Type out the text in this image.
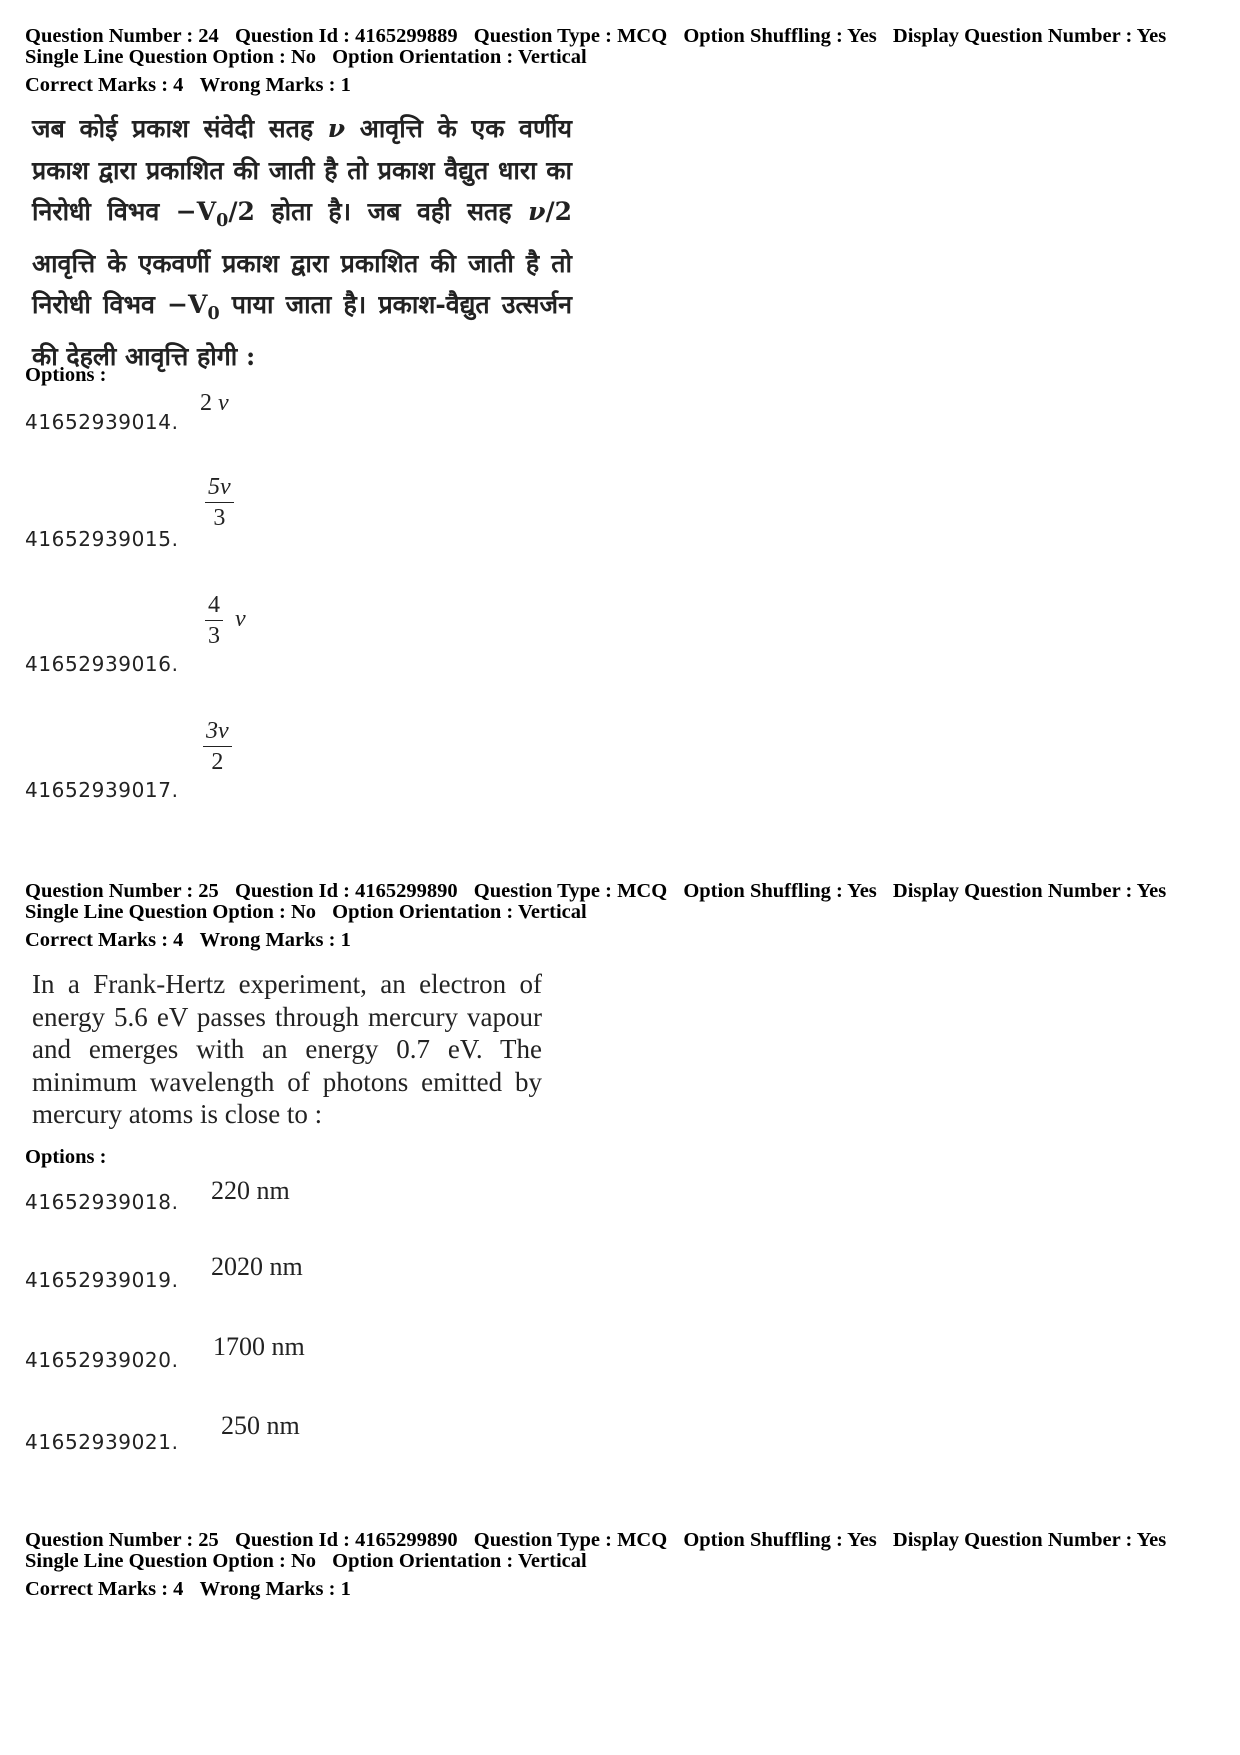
Question Number : 24 Question Id : 4165299889 Question Type : MCQ Option Shuffling : Yes Display Question Number : Yes
Single Line Question Option : No Option Orientation : Vertical
Correct Marks : 4 Wrong Marks : 1
जब कोई प्रकाश संवेदी सतह ν आवृत्ति के एक वर्णीय प्रकाश द्वारा प्रकाशित की जाती है तो प्रकाश वैद्युत धारा का निरोधी विभव $-V_0/2$ होता है। जब वही सतह ν/2 आवृत्ति के एकवर्णी प्रकाश द्वारा प्रकाशित की जाती है तो निरोधी विभव $-V_0$ पाया जाता है। प्रकाश-वैद्युत उत्सर्जन की देहली आवृत्ति होगी :
Options :
41652939014.
2 ν
41652939015.
$\frac{5\nu}{3}$
41652939016.
$\frac{4}{3}$ ν
41652939017.
$\frac{3\nu}{2}$
Question Number : 25 Question Id : 4165299890 Question Type : MCQ Option Shuffling : Yes Display Question Number : Yes
Single Line Question Option : No Option Orientation : Vertical
Correct Marks : 4 Wrong Marks : 1
In a Frank-Hertz experiment, an electron of energy 5.6 eV passes through mercury vapour and emerges with an energy 0.7 eV. The minimum wavelength of photons emitted by mercury atoms is close to :
Options :
41652939018. 220 nm
41652939019. 2020 nm
41652939020. 1700 nm
41652939021.
250 nm
Question Number : 25 Question Id : 4165299890 Question Type : MCQ Option Shuffling : Yes Display Question Number : Yes
Single Line Question Option : No Option Orientation : Vertical
Correct Marks : 4 Wrong Marks : 1
